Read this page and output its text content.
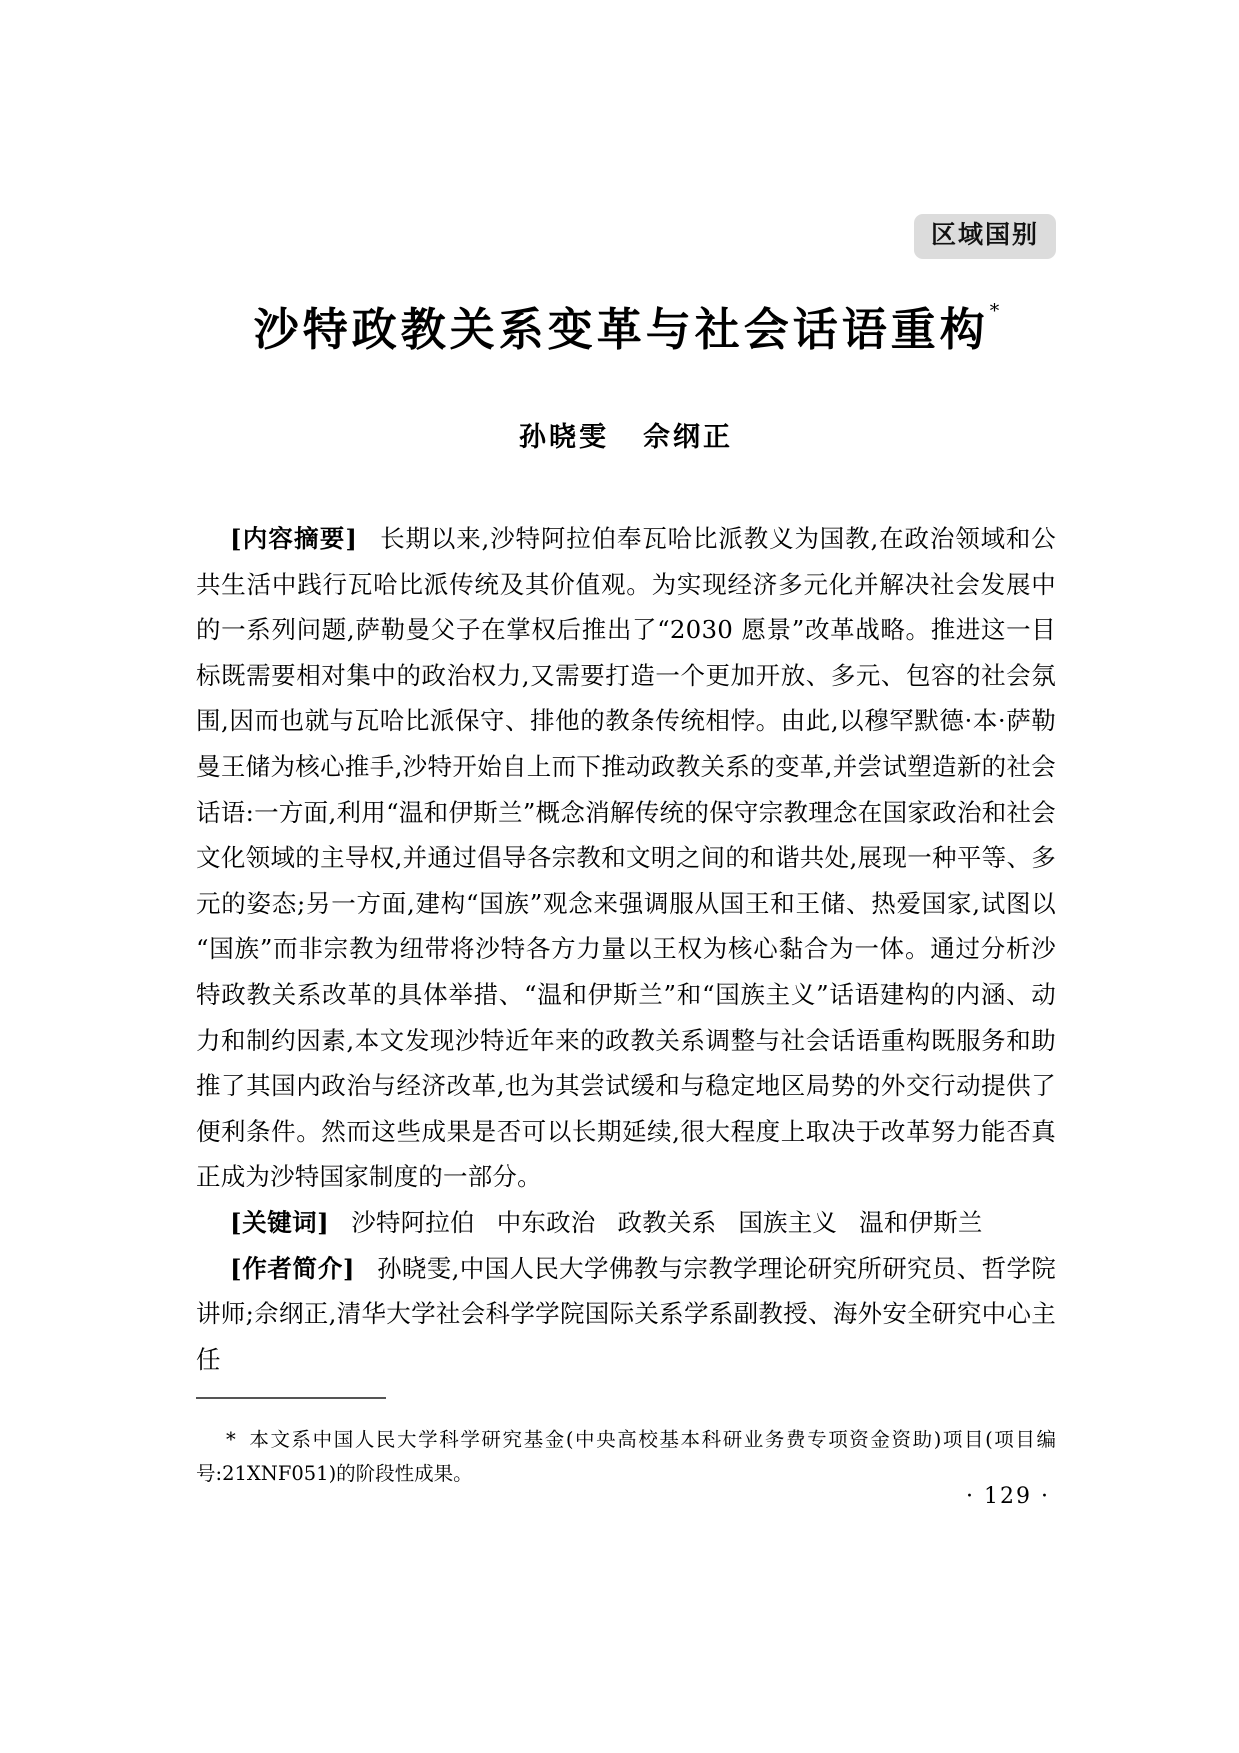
区域国别
沙特政教关系变革与社会话语重构*
孙晓雯 佘纲正

[内容摘要] 长期以来,沙特阿拉伯奉瓦哈比派教义为国教,在政治领域和公共生活中践行瓦哈比派传统及其价值观。为实现经济多元化并解决社会发展中的一系列问题,萨勒曼父子在掌权后推出了“2030 愿景”改革战略。推进这一目标既需要相对集中的政治权力,又需要打造一个更加开放、多元、包容的社会氛围,因而也就与瓦哈比派保守、排他的教条传统相悖。由此,以穆罕默德·本·萨勒曼王储为核心推手,沙特开始自上而下推动政教关系的变革,并尝试塑造新的社会话语:一方面,利用“温和伊斯兰”概念消解传统的保守宗教理念在国家政治和社会文化领域的主导权,并通过倡导各宗教和文明之间的和谐共处,展现一种平等、多元的姿态;另一方面,建构“国族”观念来强调服从国王和王储、热爱国家,试图以“国族”而非宗教为纽带将沙特各方力量以王权为核心黏合为一体。通过分析沙特政教关系改革的具体举措、“温和伊斯兰”和“国族主义”话语建构的内涵、动力和制约因素,本文发现沙特近年来的政教关系调整与社会话语重构既服务和助推了其国内政治与经济改革,也为其尝试缓和与稳定地区局势的外交行动提供了便利条件。然而这些成果是否可以长期延续,很大程度上取决于改革努力能否真正成为沙特国家制度的一部分。

[关键词] 沙特阿拉伯 中东政治 政教关系 国族主义 温和伊斯兰

[作者简介] 孙晓雯,中国人民大学佛教与宗教学理论研究所研究员、哲学院讲师;佘纲正,清华大学社会科学学院国际关系学系副教授、海外安全研究中心主任

* 本文系中国人民大学科学研究基金(中央高校基本科研业务费专项资金资助)项目(项目编号:21XNF051)的阶段性成果。
· 129 ·
